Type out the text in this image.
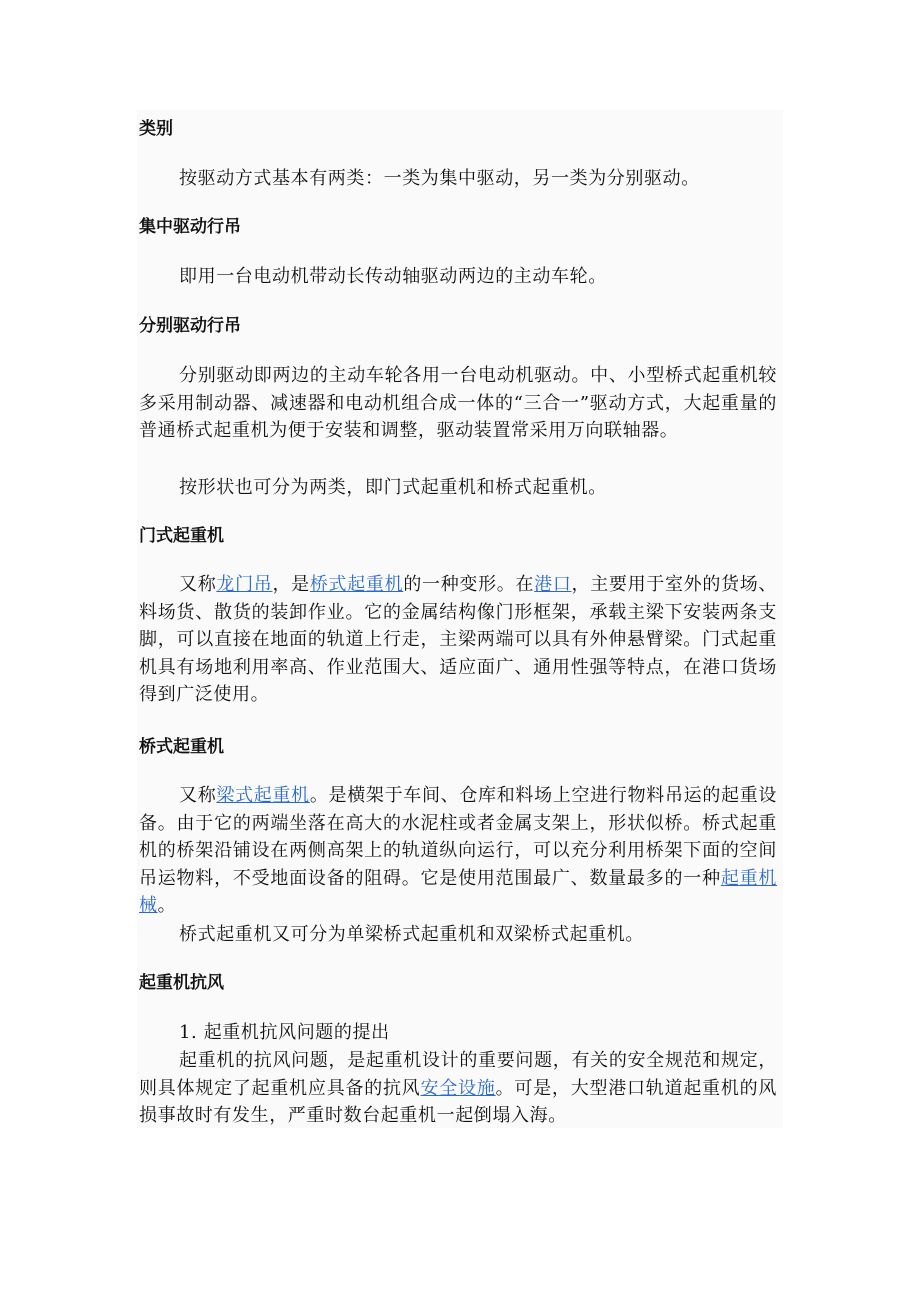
类别

按驱动方式基本有两类：一类为集中驱动，另一类为分别驱动。

集中驱动行吊

即用一台电动机带动长传动轴驱动两边的主动车轮。

分别驱动行吊

分别驱动即两边的主动车轮各用一台电动机驱动。中、小型桥式起重机较多采用制动器、减速器和电动机组合成一体的“三合一”驱动方式，大起重量的普通桥式起重机为便于安装和调整，驱动装置常采用万向联轴器。

按形状也可分为两类，即门式起重机和桥式起重机。

门式起重机

又称龙门吊，是桥式起重机的一种变形。在港口，主要用于室外的货场、料场货、散货的装卸作业。它的金属结构像门形框架，承载主梁下安装两条支脚，可以直接在地面的轨道上行走，主梁两端可以具有外伸悬臂梁。门式起重机具有场地利用率高、作业范围大、适应面广、通用性强等特点，在港口货场得到广泛使用。

桥式起重机

又称梁式起重机。是横架于车间、仓库和料场上空进行物料吊运的起重设备。由于它的两端坐落在高大的水泥柱或者金属支架上，形状似桥。桥式起重机的桥架沿铺设在两侧高架上的轨道纵向运行，可以充分利用桥架下面的空间吊运物料，不受地面设备的阻碍。它是使用范围最广、数量最多的一种起重机械。

桥式起重机又可分为单梁桥式起重机和双梁桥式起重机。

起重机抗风

1. 起重机抗风问题的提出

起重机的抗风问题，是起重机设计的重要问题，有关的安全规范和规定，则具体规定了起重机应具备的抗风安全设施。可是，大型港口轨道起重机的风损事故时有发生，严重时数台起重机一起倒塌入海。
